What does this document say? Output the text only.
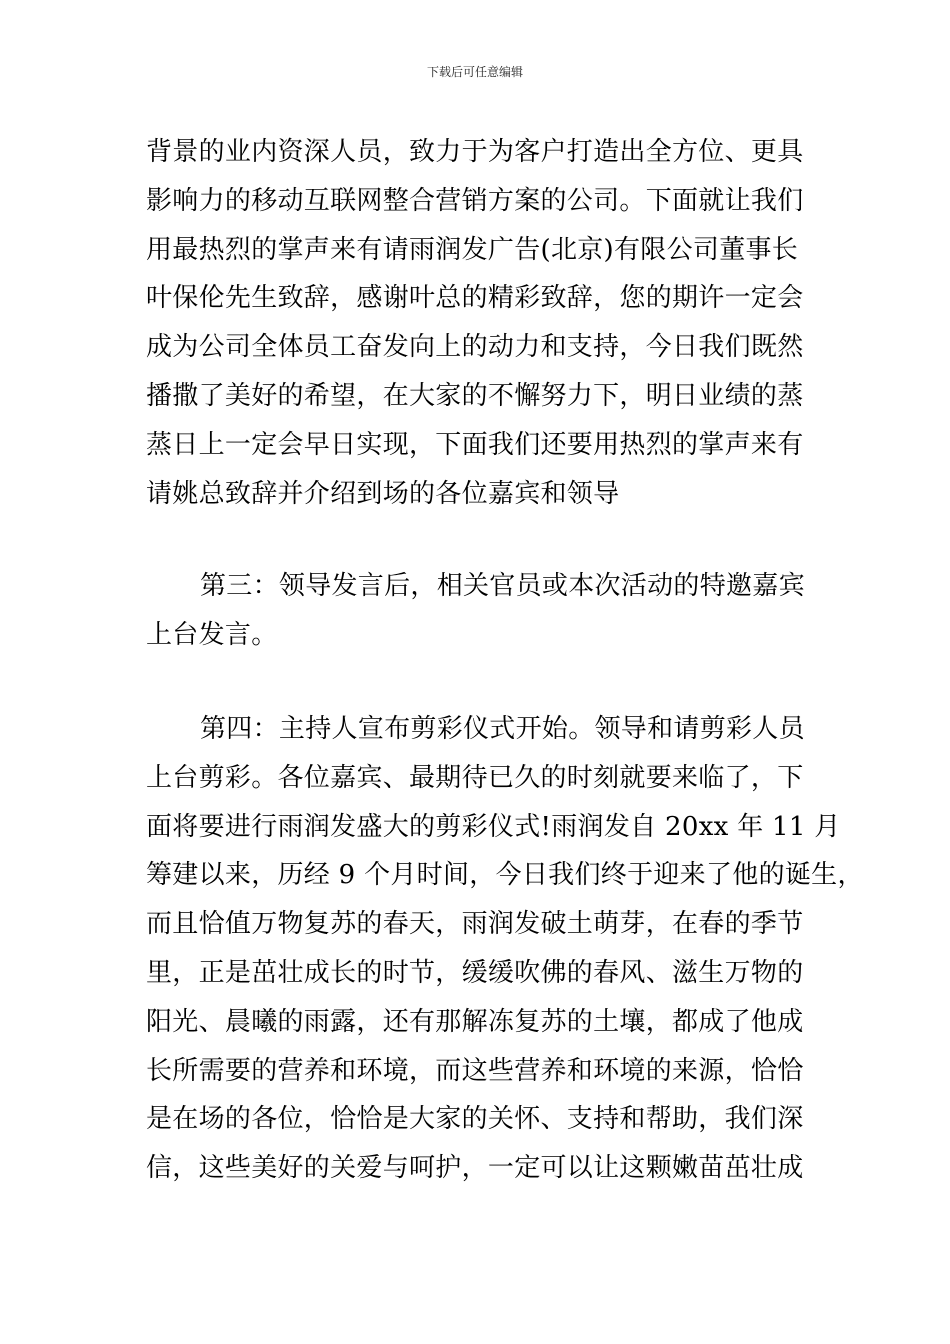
下载后可任意编辑

背景的业内资深人员，致力于为客户打造出全方位、更具
影响力的移动互联网整合营销方案的公司。下面就让我们
用最热烈的掌声来有请雨润发广告(北京)有限公司董事长
叶保伦先生致辞，感谢叶总的精彩致辞，您的期许一定会
成为公司全体员工奋发向上的动力和支持，今日我们既然
播撒了美好的希望，在大家的不懈努力下，明日业绩的蒸
蒸日上一定会早日实现，下面我们还要用热烈的掌声来有
请姚总致辞并介绍到场的各位嘉宾和领导

第三：领导发言后，相关官员或本次活动的特邀嘉宾
上台发言。

第四：主持人宣布剪彩仪式开始。领导和请剪彩人员
上台剪彩。各位嘉宾、最期待已久的时刻就要来临了，下
面将要进行雨润发盛大的剪彩仪式!雨润发自 20xx 年 11 月
筹建以来，历经 9 个月时间，今日我们终于迎来了他的诞生，
而且恰值万物复苏的春天，雨润发破土萌芽，在春的季节
里，正是茁壮成长的时节，缓缓吹佛的春风、滋生万物的
阳光、晨曦的雨露，还有那解冻复苏的土壤，都成了他成
长所需要的营养和环境，而这些营养和环境的来源，恰恰
是在场的各位，恰恰是大家的关怀、支持和帮助，我们深
信，这些美好的关爱与呵护，一定可以让这颗嫩苗茁壮成
